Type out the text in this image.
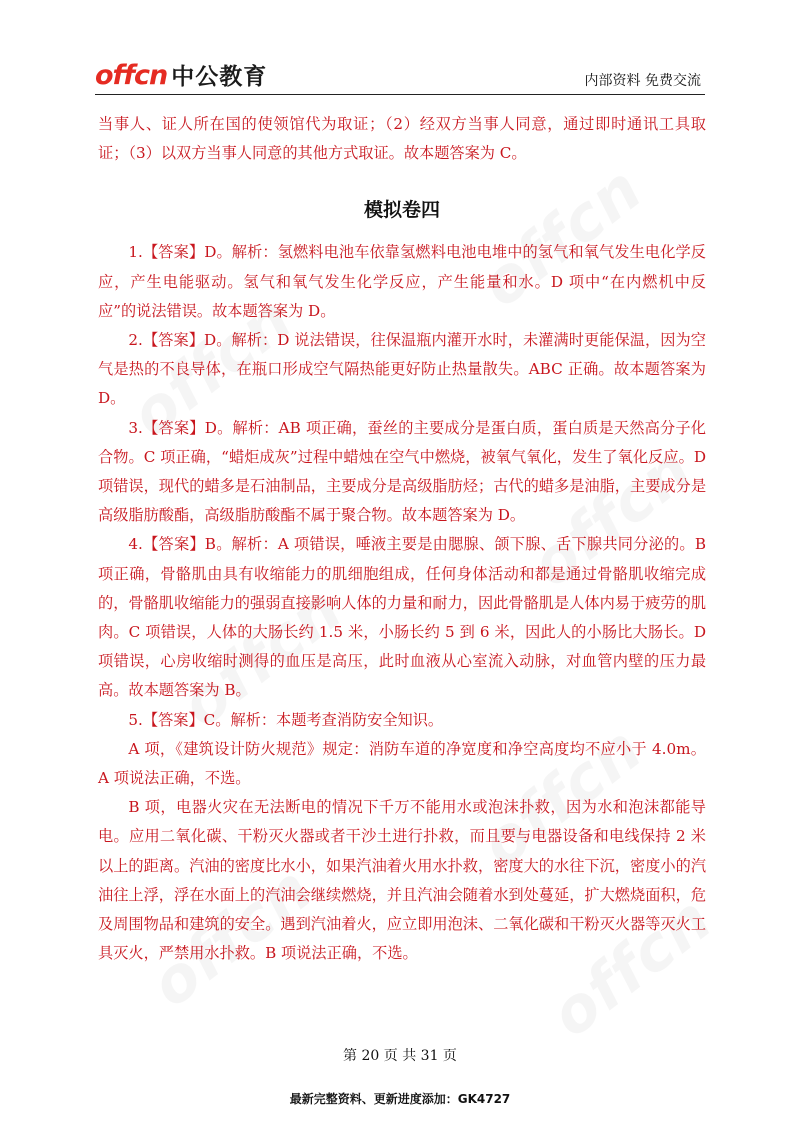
offcn 中公教育	内部资料 免费交流

当事人、证人所在国的使领馆代为取证；（2）经双方当事人同意，通过即时通讯工具取证；（3）以双方当事人同意的其他方式取证。故本题答案为 C。

模拟卷四

1.【答案】D。解析：氢燃料电池车依靠氢燃料电池电堆中的氢气和氧气发生电化学反应，产生电能驱动。氢气和氧气发生化学反应，产生能量和水。D 项中“在内燃机中反应”的说法错误。故本题答案为 D。

2.【答案】D。解析：D 说法错误，往保温瓶内灌开水时，未灌满时更能保温，因为空气是热的不良导体，在瓶口形成空气隔热能更好防止热量散失。ABC 正确。故本题答案为 D。

3.【答案】D。解析：AB 项正确，蚕丝的主要成分是蛋白质，蛋白质是天然高分子化合物。C 项正确，“蜡炬成灰”过程中蜡烛在空气中燃烧，被氧气氧化，发生了氧化反应。D 项错误，现代的蜡多是石油制品，主要成分是高级脂肪烃；古代的蜡多是油脂，主要成分是高级脂肪酸酯，高级脂肪酸酯不属于聚合物。故本题答案为 D。

4.【答案】B。解析：A 项错误，唾液主要是由腮腺、颌下腺、舌下腺共同分泌的。B 项正确，骨骼肌由具有收缩能力的肌细胞组成，任何身体活动和都是通过骨骼肌收缩完成的，骨骼肌收缩能力的强弱直接影响人体的力量和耐力，因此骨骼肌是人体内易于疲劳的肌肉。C 项错误，人体的大肠长约 1.5 米，小肠长约 5 到 6 米，因此人的小肠比大肠长。D 项错误，心房收缩时测得的血压是高压，此时血液从心室流入动脉，对血管内壁的压力最高。故本题答案为 B。

5.【答案】C。解析：本题考查消防安全知识。

A 项，《建筑设计防火规范》规定：消防车道的净宽度和净空高度均不应小于 4.0m。A 项说法正确，不选。

B 项，电器火灾在无法断电的情况下千万不能用水或泡沫扑救，因为水和泡沫都能导电。应用二氧化碳、干粉灭火器或者干沙土进行扑救，而且要与电器设备和电线保持 2 米以上的距离。汽油的密度比水小，如果汽油着火用水扑救，密度大的水往下沉，密度小的汽油往上浮，浮在水面上的汽油会继续燃烧，并且汽油会随着水到处蔓延，扩大燃烧面积，危及周围物品和建筑的安全。遇到汽油着火，应立即用泡沫、二氧化碳和干粉灭火器等灭火工具灭火，严禁用水扑救。B 项说法正确，不选。

第 20 页 共 31 页
最新完整资料、更新进度添加：GK4727
